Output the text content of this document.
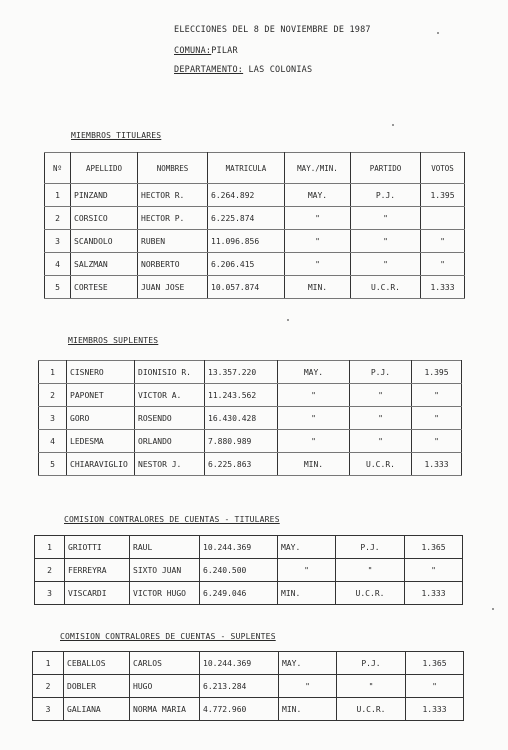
ELECCIONES DEL 8 DE NOVIEMBRE DE 1987
COMUNA:PILAR
DEPARTAMENTO: LAS COLONIAS
MIEMBROS TITULARES
Nº	APELLIDO	NOMBRES	MATRICULA	MAY./MIN.	PARTIDO	VOTOS
1	PINZAND	HECTOR R.	6.264.892	MAY.	P.J.	1.395
2	CORSICO	HECTOR P.	6.225.874	"	"	
3	SCANDOLO	RUBEN	11.096.856	"	"	"
4	SALZMAN	NORBERTO	6.206.415	"	"	"
5	CORTESE	JUAN JOSE	10.057.874	MIN.	U.C.R.	1.333
MIEMBROS SUPLENTES
1	CISNERO	DIONISIO R.	13.357.220	MAY.	P.J.	1.395
2	PAPONET	VICTOR A.	11.243.562	"	"	"
3	GORO	ROSENDO	16.430.428	"	"	"
4	LEDESMA	ORLANDO	7.880.989	"	"	"
5	CHIARAVIGLIO	NESTOR J.	6.225.863	MIN.	U.C.R.	1.333
COMISION CONTRALORES DE CUENTAS - TITULARES
1	GRIOTTI	RAUL	10.244.369	MAY.	P.J.	1.365
2	FERREYRA	SIXTO JUAN	6.240.500	"	"	"
3	VISCARDI	VICTOR HUGO	6.249.046	MIN.	U.C.R.	1.333
COMISION CONTRALORES DE CUENTAS - SUPLENTES
1	CEBALLOS	CARLOS	10.244.369	MAY.	P.J.	1.365
2	DOBLER	HUGO	6.213.284	"	"	"
3	GALIANA	NORMA MARIA	4.772.960	MIN.	U.C.R.	1.333
